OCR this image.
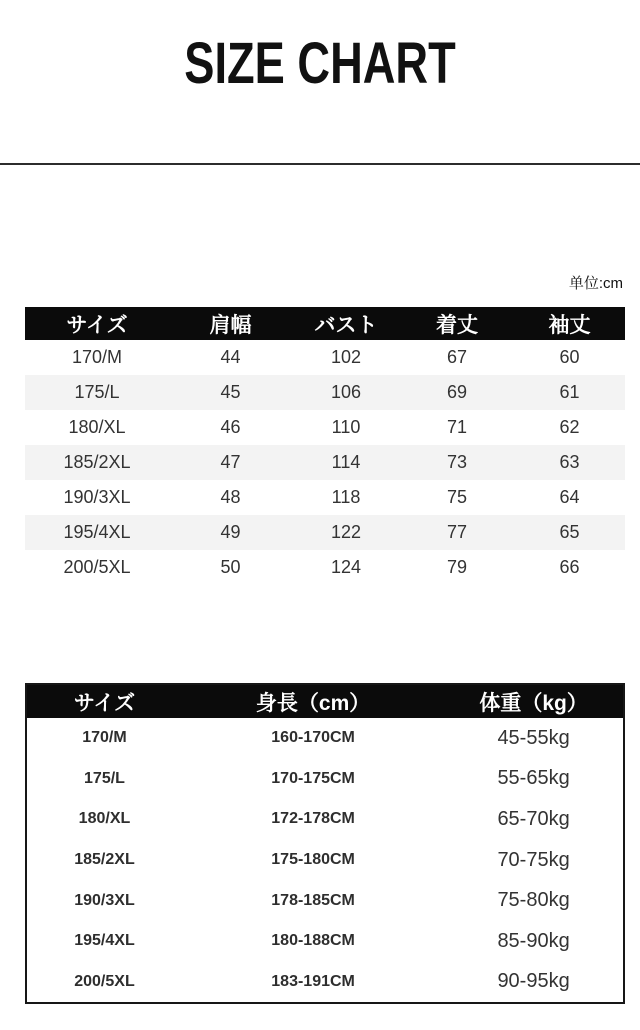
SIZE CHART
单位:cm
サイズ	肩幅	バスト	着丈	袖丈
170/M	44	102	67	60
175/L	45	106	69	61
180/XL	46	110	71	62
185/2XL	47	114	73	63
190/3XL	48	118	75	64
195/4XL	49	122	77	65
200/5XL	50	124	79	66
サイズ	身長（cm）	体重（kg）
170/M	160-170CM	45-55kg
175/L	170-175CM	55-65kg
180/XL	172-178CM	65-70kg
185/2XL	175-180CM	70-75kg
190/3XL	178-185CM	75-80kg
195/4XL	180-188CM	85-90kg
200/5XL	183-191CM	90-95kg
